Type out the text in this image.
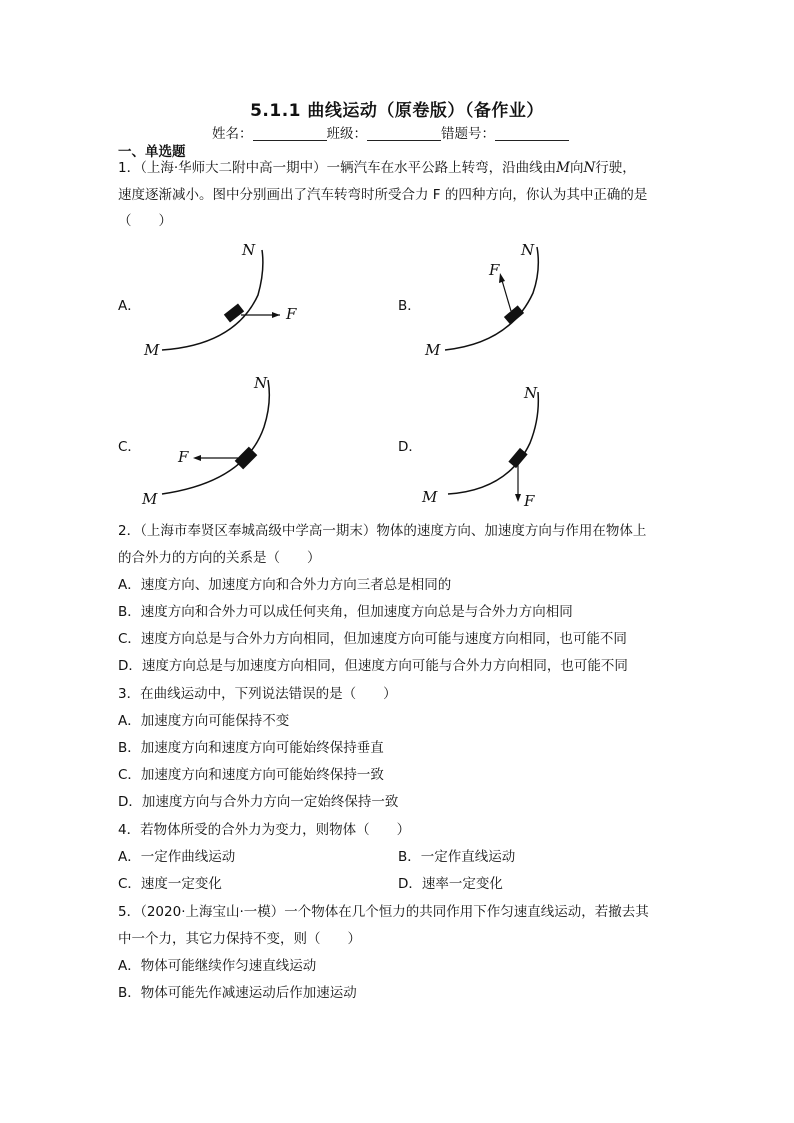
5.1.1 曲线运动（原卷版）（备作业）
姓名：	班级：	错题号：
一、单选题
1．（上海·华师大二附中高一期中）一辆汽车在水平公路上转弯，沿曲线由M向N行驶，
速度逐渐减小。图中分别画出了汽车转弯时所受合力 F 的四种方向，你认为其中正确的是
（　　）
A．
M
N
F	B．
M
N
F
C．
M
N
F
D．
M
N
F
2．（上海市奉贤区奉城高级中学高一期末）物体的速度方向、加速度方向与作用在物体上
的合外力的方向的关系是（　　）
A．速度方向、加速度方向和合外力方向三者总是相同的
B．速度方向和合外力可以成任何夹角，但加速度方向总是与合外力方向相同
C．速度方向总是与合外力方向相同，但加速度方向可能与速度方向相同，也可能不同
D．速度方向总是与加速度方向相同，但速度方向可能与合外力方向相同，也可能不同
3．在曲线运动中，下列说法错误的是（　　）
A．加速度方向可能保持不变
B．加速度方向和速度方向可能始终保持垂直
C．加速度方向和速度方向可能始终保持一致
D．加速度方向与合外力方向一定始终保持一致
4．若物体所受的合外力为变力，则物体（　　）
A．一定作曲线运动	B．一定作直线运动
C．速度一定变化	D．速率一定变化
5．（2020·上海宝山·一模）一个物体在几个恒力的共同作用下作匀速直线运动，若撤去其
中一个力，其它力保持不变，则（　　）
A．物体可能继续作匀速直线运动
B．物体可能先作减速运动后作加速运动
